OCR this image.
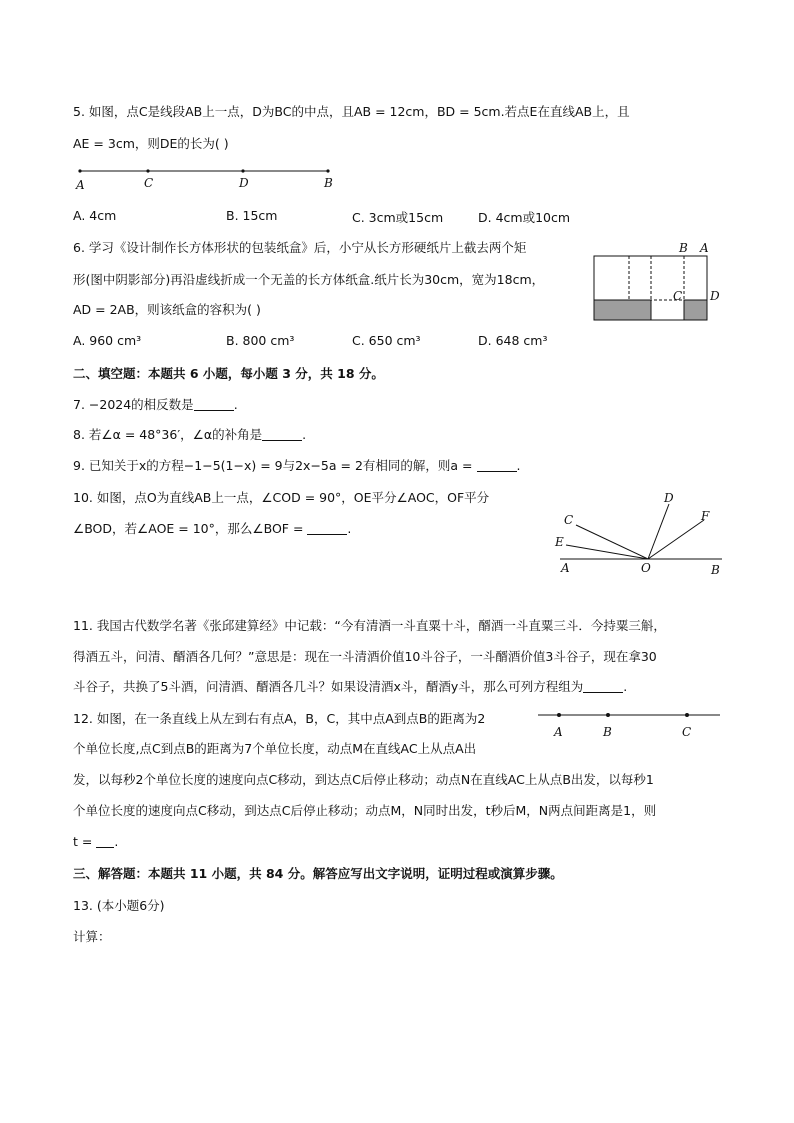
5. 如图，点C是线段AB上一点，D为BC的中点，且AB = 12cm，BD = 5cm.若点E在直线AB上，且
AE = 3cm，则DE的长为( )
A	C	D	B
A. 4cm	B. 15cm	C. 3cm或15cm	D. 4cm或10cm
6. 学习《设计制作长方体形状的包装纸盒》后，小宁从长方形硬纸片上截去两个矩
形(图中阴影部分)再沿虚线折成一个无盖的长方体纸盒.纸片长为30cm，宽为18cm，
AD = 2AB，则该纸盒的容积为( )
B A
C D
A. 960 cm³	B. 800 cm³	C. 650 cm³	D. 648 cm³
二、填空题：本题共 6 小题，每小题 3 分，共 18 分。
7. −2024的相反数是	.
8. 若∠α = 48°36′，∠α的补角是	.
9. 已知关于x的方程−1−5(1−x) = 9与2x−5a = 2有相同的解，则a =	.
10. 如图，点O为直线AB上一点，∠COD = 90°，OE平分∠AOC，OF平分
∠BOD，若∠AOE = 10°，那么∠BOF =	.
D
C	F
E
A	O	B
11. 我国古代数学名著《张邱建算经》中记载：“今有清酒一斗直粟十斗，醑酒一斗直粟三斗．今持粟三斛，
得酒五斗，问清、醑酒各几何？”意思是：现在一斗清酒价值10斗谷子，一斗醑酒价值3斗谷子，现在拿30
斗谷子，共换了5斗酒，问清酒、醑酒各几斗？如果设清酒x斗，醑酒y斗，那么可列方程组为	.
12. 如图，在一条直线上从左到右有点A，B，C，其中点A到点B的距离为2
个单位长度,点C到点B的距离为7个单位长度，动点M在直线AC上从点A出
发，以每秒2个单位长度的速度向点C移动，到达点C后停止移动；动点N在直线AC上从点B出发，以每秒1
个单位长度的速度向点C移动，到达点C后停止移动；动点M，N同时出发，t秒后M，N两点间距离是1，则
t = .
A	B	C
三、解答题：本题共 11 小题，共 84 分。解答应写出文字说明，证明过程或演算步骤。
13. (本小题6分)
计算：
